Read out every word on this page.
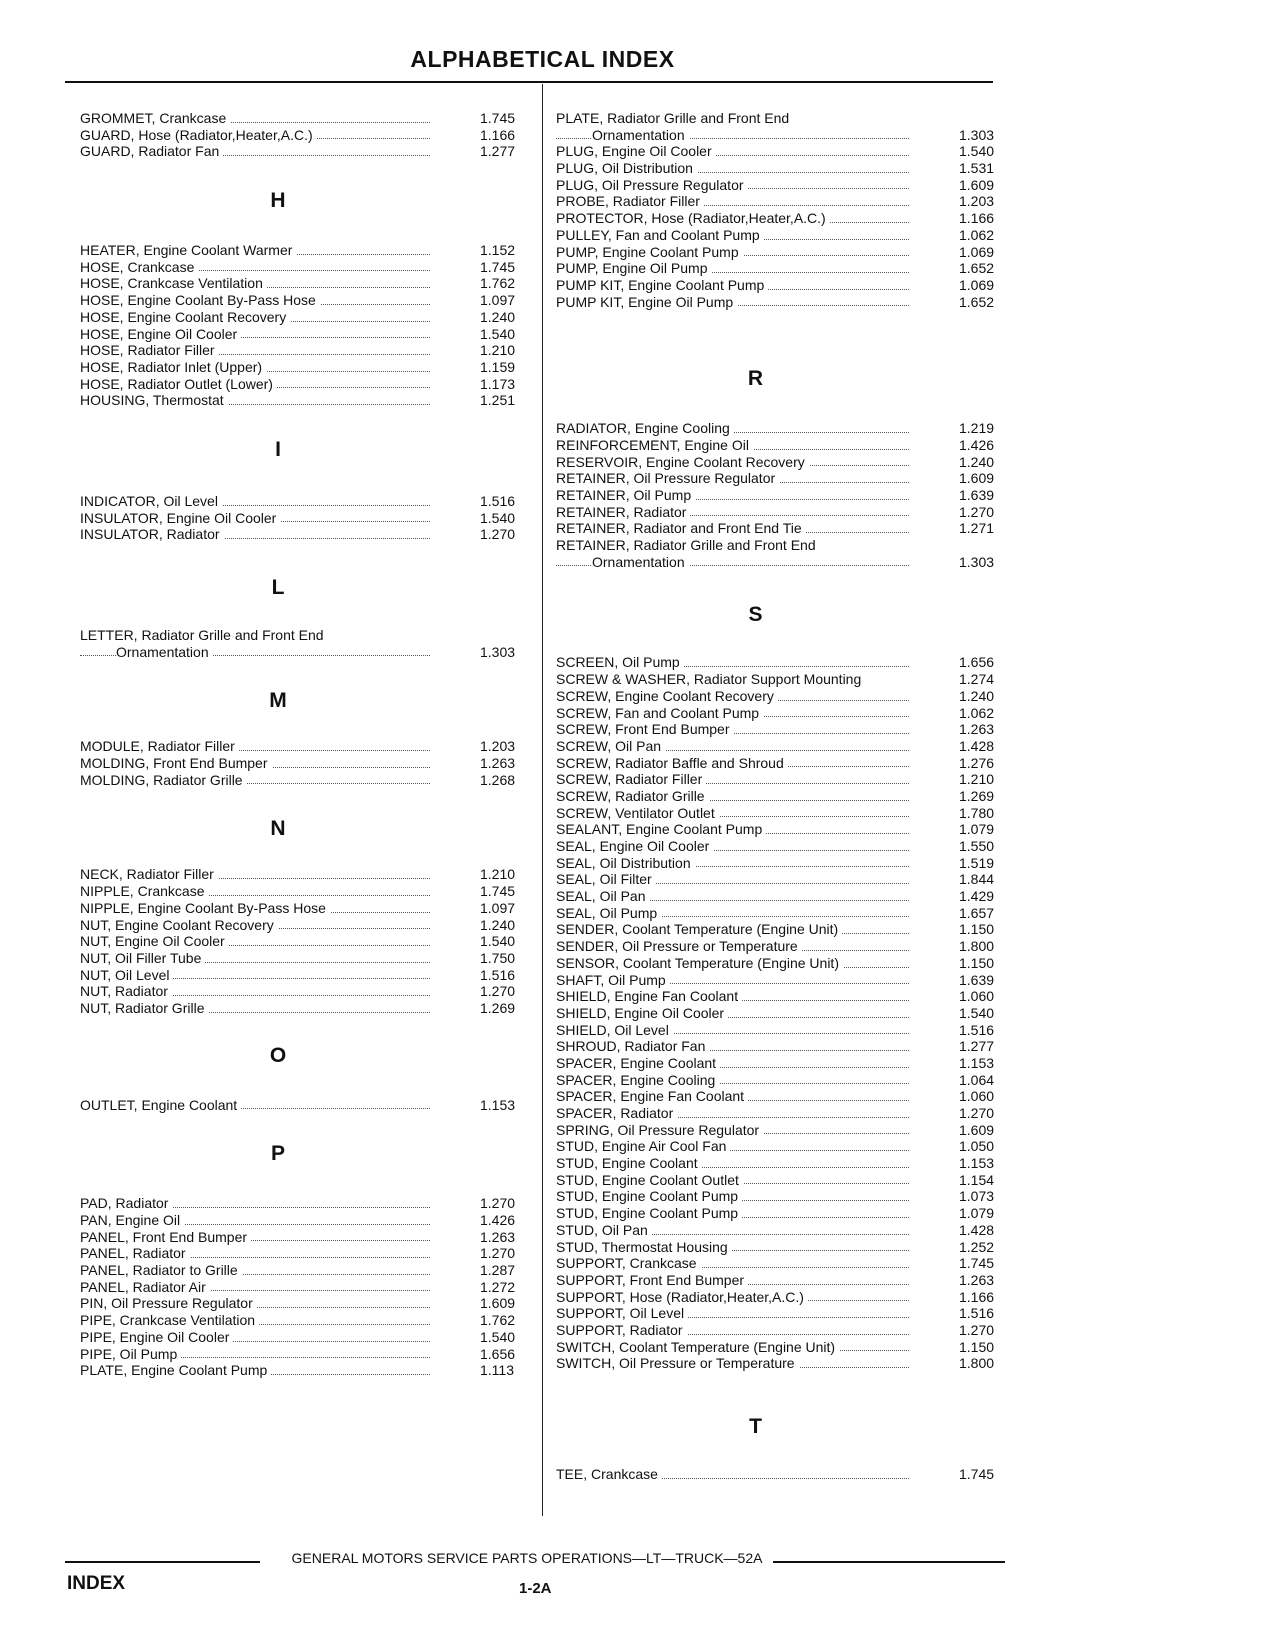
ALPHABETICAL INDEX
GROMMET, Crankcase	1.745
GUARD, Hose (Radiator,Heater,A.C.)	1.166
GUARD, Radiator Fan	1.277
H
HEATER, Engine Coolant Warmer	1.152
HOSE, Crankcase	1.745
HOSE, Crankcase Ventilation	1.762
HOSE, Engine Coolant By-Pass Hose	1.097
HOSE, Engine Coolant Recovery	1.240
HOSE, Engine Oil Cooler	1.540
HOSE, Radiator Filler	1.210
HOSE, Radiator Inlet (Upper)	1.159
HOSE, Radiator Outlet (Lower)	1.173
HOUSING, Thermostat	1.251
I
INDICATOR, Oil Level	1.516
INSULATOR, Engine Oil Cooler	1.540
INSULATOR, Radiator	1.270
L
LETTER, Radiator Grille and Front End
Ornamentation	1.303
M
MODULE, Radiator Filler	1.203
MOLDING, Front End Bumper	1.263
MOLDING, Radiator Grille	1.268
N
NECK, Radiator Filler	1.210
NIPPLE, Crankcase	1.745
NIPPLE, Engine Coolant By-Pass Hose	1.097
NUT, Engine Coolant Recovery	1.240
NUT, Engine Oil Cooler	1.540
NUT, Oil Filler Tube	1.750
NUT, Oil Level	1.516
NUT, Radiator	1.270
NUT, Radiator Grille	1.269
O
OUTLET, Engine Coolant	1.153
P
PAD, Radiator	1.270
PAN, Engine Oil	1.426
PANEL, Front End Bumper	1.263
PANEL, Radiator	1.270
PANEL, Radiator to Grille	1.287
PANEL, Radiator Air	1.272
PIN, Oil Pressure Regulator	1.609
PIPE, Crankcase Ventilation	1.762
PIPE, Engine Oil Cooler	1.540
PIPE, Oil Pump	1.656
PLATE, Engine Coolant Pump	1.113
PLATE, Radiator Grille and Front End
Ornamentation	1.303
PLUG, Engine Oil Cooler	1.540
PLUG, Oil Distribution	1.531
PLUG, Oil Pressure Regulator	1.609
PROBE, Radiator Filler	1.203
PROTECTOR, Hose (Radiator,Heater,A.C.)	1.166
PULLEY, Fan and Coolant Pump	1.062
PUMP, Engine Coolant Pump	1.069
PUMP, Engine Oil Pump	1.652
PUMP KIT, Engine Coolant Pump	1.069
PUMP KIT, Engine Oil Pump	1.652
R
RADIATOR, Engine Cooling	1.219
REINFORCEMENT, Engine Oil	1.426
RESERVOIR, Engine Coolant Recovery	1.240
RETAINER, Oil Pressure Regulator	1.609
RETAINER, Oil Pump	1.639
RETAINER, Radiator	1.270
RETAINER, Radiator and Front End Tie	1.271
RETAINER, Radiator Grille and Front End
Ornamentation	1.303
S
SCREEN, Oil Pump	1.656
SCREW & WASHER, Radiator Support Mounting	1.274
SCREW, Engine Coolant Recovery	1.240
SCREW, Fan and Coolant Pump	1.062
SCREW, Front End Bumper	1.263
SCREW, Oil Pan	1.428
SCREW, Radiator Baffle and Shroud	1.276
SCREW, Radiator Filler	1.210
SCREW, Radiator Grille	1.269
SCREW, Ventilator Outlet	1.780
SEALANT, Engine Coolant Pump	1.079
SEAL, Engine Oil Cooler	1.550
SEAL, Oil Distribution	1.519
SEAL, Oil Filter	1.844
SEAL, Oil Pan	1.429
SEAL, Oil Pump	1.657
SENDER, Coolant Temperature (Engine Unit)	1.150
SENDER, Oil Pressure or Temperature	1.800
SENSOR, Coolant Temperature (Engine Unit)	1.150
SHAFT, Oil Pump	1.639
SHIELD, Engine Fan Coolant	1.060
SHIELD, Engine Oil Cooler	1.540
SHIELD, Oil Level	1.516
SHROUD, Radiator Fan	1.277
SPACER, Engine Coolant	1.153
SPACER, Engine Cooling	1.064
SPACER, Engine Fan Coolant	1.060
SPACER, Radiator	1.270
SPRING, Oil Pressure Regulator	1.609
STUD, Engine Air Cool Fan	1.050
STUD, Engine Coolant	1.153
STUD, Engine Coolant Outlet	1.154
STUD, Engine Coolant Pump	1.073
STUD, Engine Coolant Pump	1.079
STUD, Oil Pan	1.428
STUD, Thermostat Housing	1.252
SUPPORT, Crankcase	1.745
SUPPORT, Front End Bumper	1.263
SUPPORT, Hose (Radiator,Heater,A.C.)	1.166
SUPPORT, Oil Level	1.516
SUPPORT, Radiator	1.270
SWITCH, Coolant Temperature (Engine Unit)	1.150
SWITCH, Oil Pressure or Temperature	1.800
T
TEE, Crankcase	1.745
GENERAL MOTORS SERVICE PARTS OPERATIONS—LT—TRUCK—52A
INDEX	1-2A
